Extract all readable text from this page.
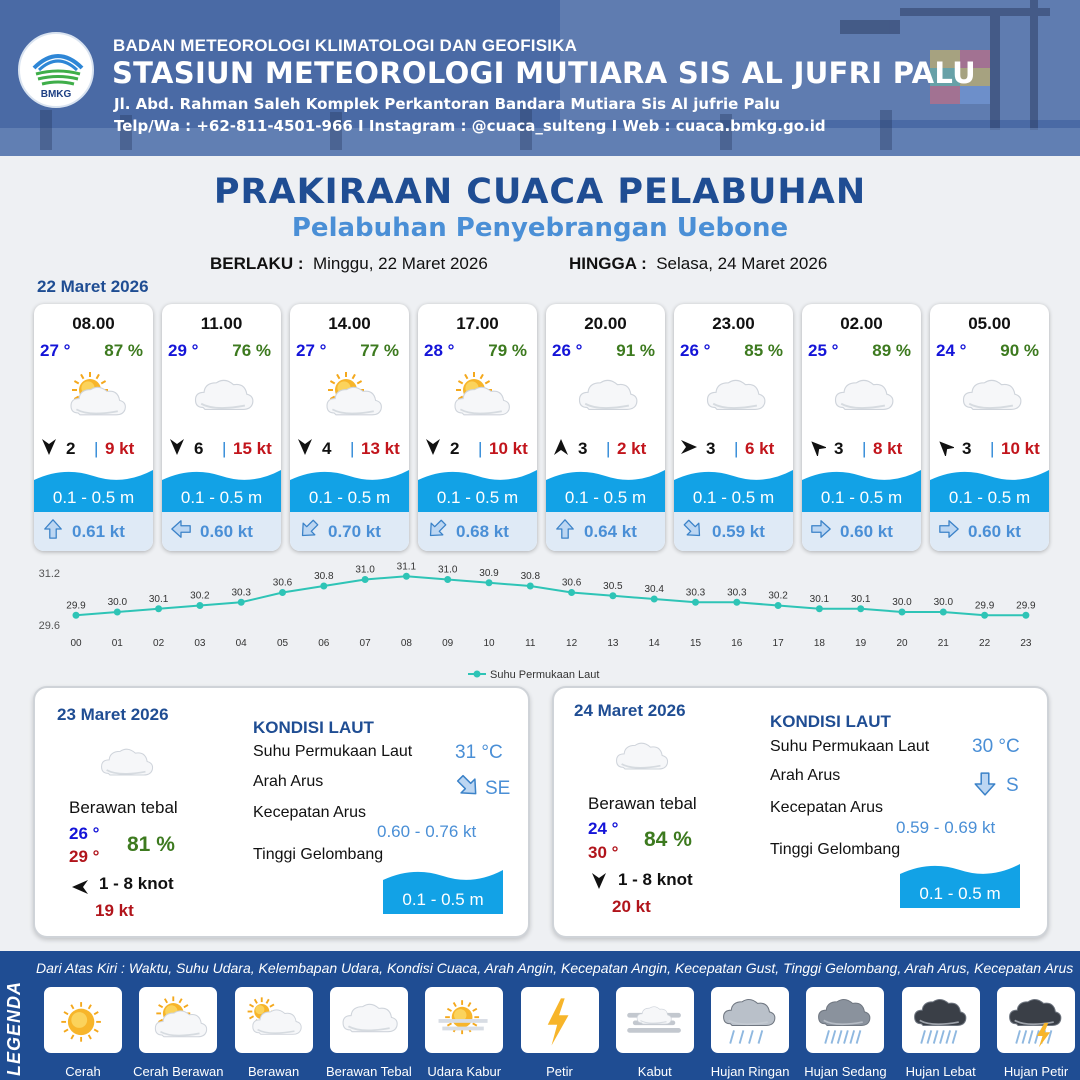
BMKG
BADAN METEOROLOGI KLIMATOLOGI DAN GEOFISIKA
STASIUN METEOROLOGI MUTIARA SIS AL JUFRI PALU
Jl. Abd. Rahman Saleh Komplek Perkantoran Bandara Mutiara Sis Al jufrie Palu
Telp/Wa : +62-811-4501-966 I Instagram : @cuaca_sulteng I Web : cuaca.bmkg.go.id
PRAKIRAAN CUACA PELABUHAN
Pelabuhan Penyebrangan Uebone
BERLAKU : Minggu, 22 Maret 2026	HINGGA : Selasa, 24 Maret 2026
22 Maret 2026
08.00
27 ° 87 %
2 | 9 kt
0.1 - 0.5 m
0.61 kt
11.00
29 ° 76 %
6 | 15 kt
0.1 - 0.5 m
0.60 kt
14.00
27 ° 77 %
4 | 13 kt
0.1 - 0.5 m
0.70 kt
17.00
28 ° 79 %
2 | 10 kt
0.1 - 0.5 m
0.68 kt
20.00
26 ° 91 %
3 | 2 kt
0.1 - 0.5 m
0.64 kt
23.00
26 ° 85 %
3 | 6 kt
0.1 - 0.5 m
0.59 kt
02.00
25 ° 89 %
3 | 8 kt
0.1 - 0.5 m
0.60 kt
05.00
24 ° 90 %
3 | 10 kt
0.1 - 0.5 m
0.60 kt
31.2
29.6
29.9
00
30.0
01
30.1
02
30.2
03
30.3
04
30.6
05
30.8
06
31.0
07
31.1
08
31.0
09
30.9
10
30.8
11
30.6
12
30.5
13
30.4
14
30.3
15
30.3
16
30.2
17
30.1
18
30.1
19
30.0
20
30.0
21
29.9
22
29.9
23
Suhu Permukaan Laut
23 Maret 2026
Berawan tebal
26 °
29 °
81 %
1 - 8 knot
19 kt
KONDISI LAUT
Suhu Permukaan Laut 31 °C
Arah Arus	SE
Kecepatan Arus
0.60 - 0.76 kt
Tinggi Gelombang
0.1 - 0.5 m
24 Maret 2026
Berawan tebal
24 °
30 °
84 %
1 - 8 knot
20 kt
KONDISI LAUT
Suhu Permukaan Laut 30 °C
Arah Arus	S
Kecepatan Arus
0.59 - 0.69 kt
Tinggi Gelombang
0.1 - 0.5 m
LEGENDA
Dari Atas Kiri : Waktu, Suhu Udara, Kelembapan Udara, Kondisi Cuaca, Arah Angin, Kecepatan Angin, Kecepatan Gust, Tinggi Gelombang, Arah Arus, Kecepatan Arus
Cerah	Cerah Berawan	Berawan	Berawan Tebal	Udara Kabur	Petir	Kabut	Hujan Ringan	Hujan Sedang	Hujan Lebat	Hujan Petir
